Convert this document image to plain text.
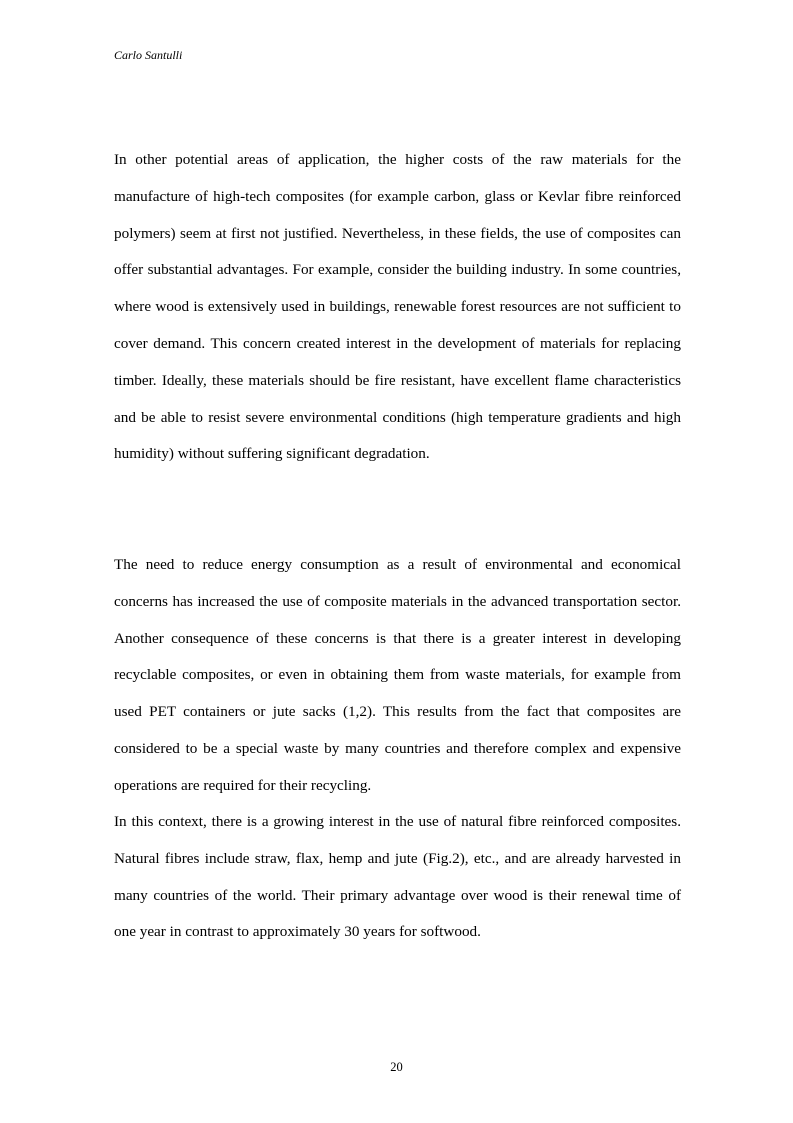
Carlo Santulli

In other potential areas of application, the higher costs of the raw materials for the manufacture of high-tech composites (for example carbon, glass or Kevlar fibre reinforced polymers) seem at first not justified. Nevertheless, in these fields, the use of composites can offer substantial advantages. For example, consider the building industry. In some countries, where wood is extensively used in buildings, renewable forest resources are not sufficient to cover demand. This concern created interest in the development of materials for replacing timber. Ideally, these materials should be fire resistant, have excellent flame characteristics and be able to resist severe environmental conditions (high temperature gradients and high humidity) without suffering significant degradation.

The need to reduce energy consumption as a result of environmental and economical concerns has increased the use of composite materials in the advanced transportation sector. Another consequence of these concerns is that there is a greater interest in developing recyclable composites, or even in obtaining them from waste materials, for example from used PET containers or jute sacks (1,2). This results from the fact that composites are considered to be a special waste by many countries and therefore complex and expensive operations are required for their recycling.

In this context, there is a growing interest in the use of natural fibre reinforced composites. Natural fibres include straw, flax, hemp and jute (Fig.2), etc., and are already harvested in many countries of the world. Their primary advantage over wood is their renewal time of one year in contrast to approximately 30 years for softwood.

20
